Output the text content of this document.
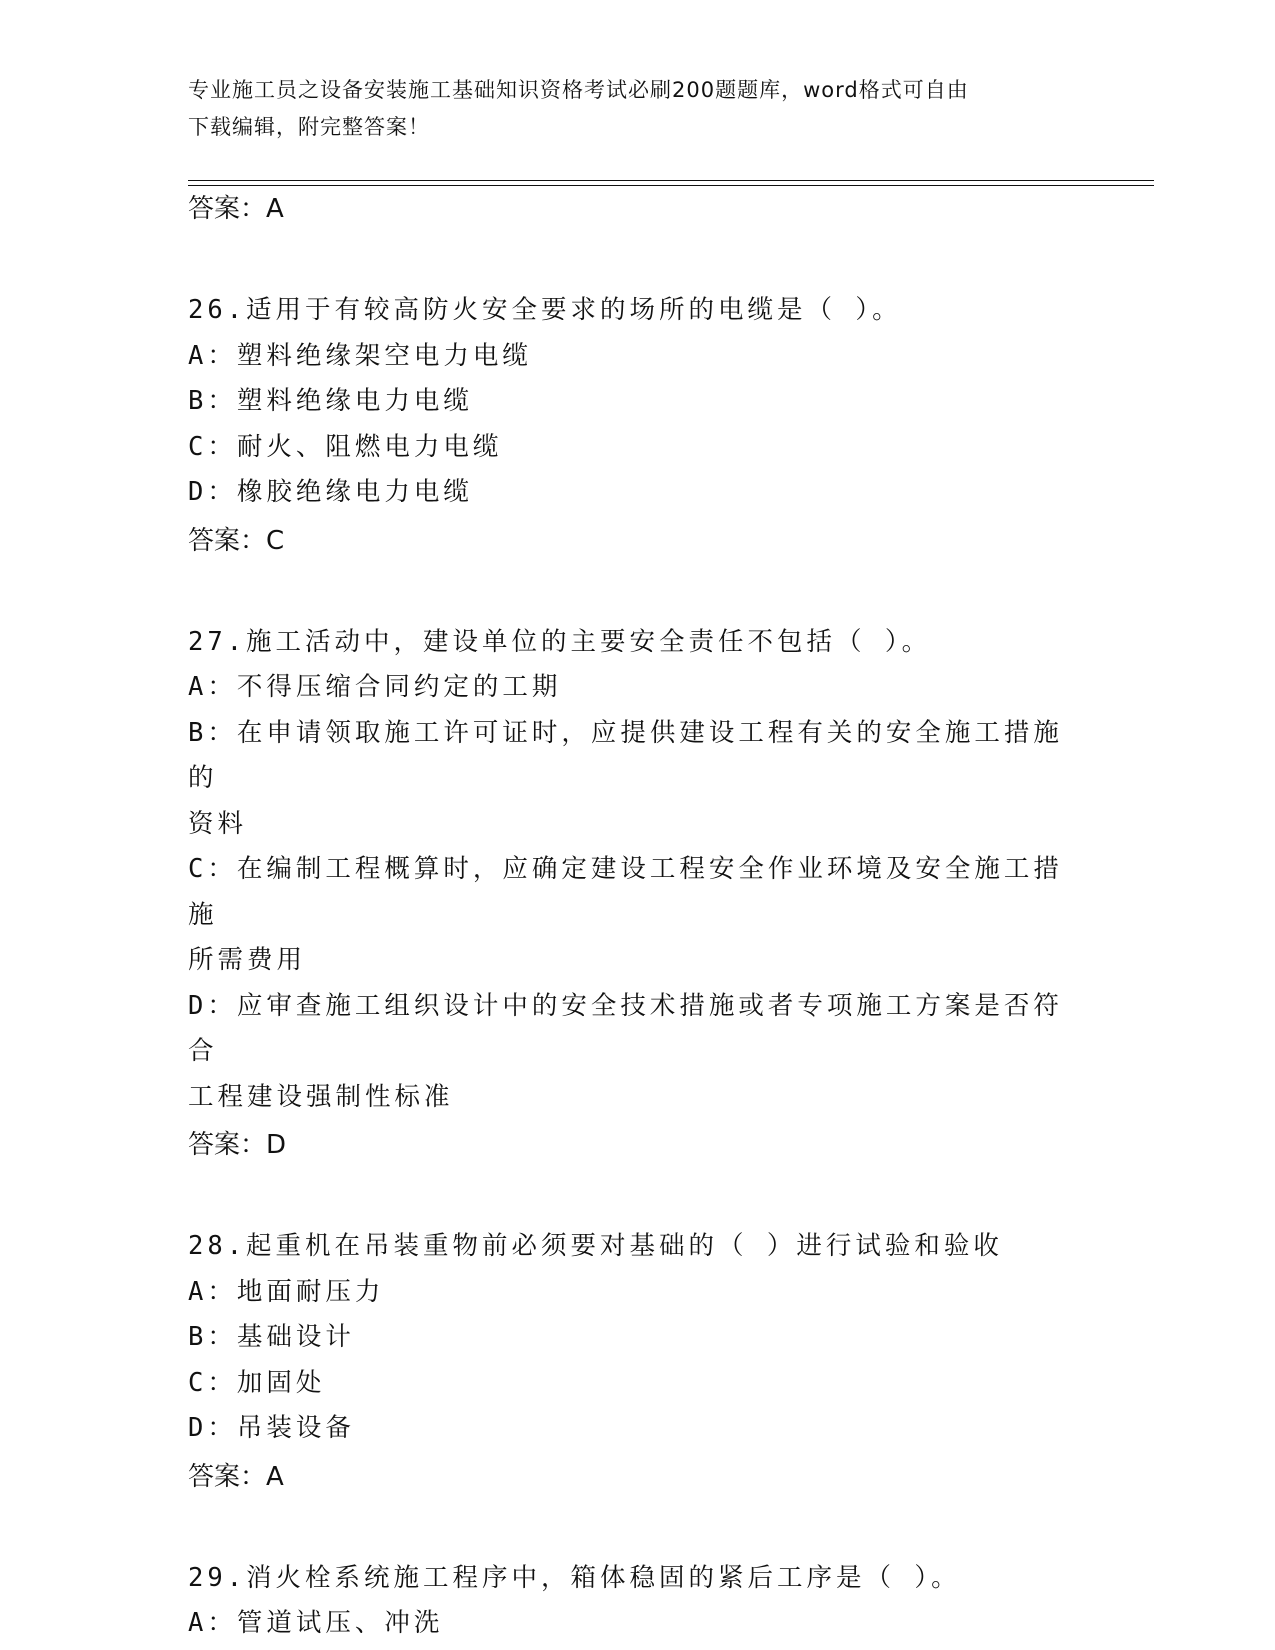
专业施工员之设备安装施工基础知识资格考试必刷200题题库，word格式可自由
下载编辑，附完整答案！
答案：A
26.适用于有较高防火安全要求的场所的电缆是（ ）。
A：塑料绝缘架空电力电缆
B：塑料绝缘电力电缆
C：耐火、阻燃电力电缆
D：橡胶绝缘电力电缆
答案：C
27.施工活动中，建设单位的主要安全责任不包括（ ）。
A：不得压缩合同约定的工期
B：在申请领取施工许可证时，应提供建设工程有关的安全施工措施的
资料
C：在编制工程概算时，应确定建设工程安全作业环境及安全施工措施
所需费用
D：应审查施工组织设计中的安全技术措施或者专项施工方案是否符合
工程建设强制性标准
答案：D
28.起重机在吊装重物前必须要对基础的（ ）进行试验和验收
A：地面耐压力
B：基础设计
C：加固处
D：吊装设备
答案：A
29.消火栓系统施工程序中，箱体稳固的紧后工序是（ ）。
A：管道试压、冲洗
